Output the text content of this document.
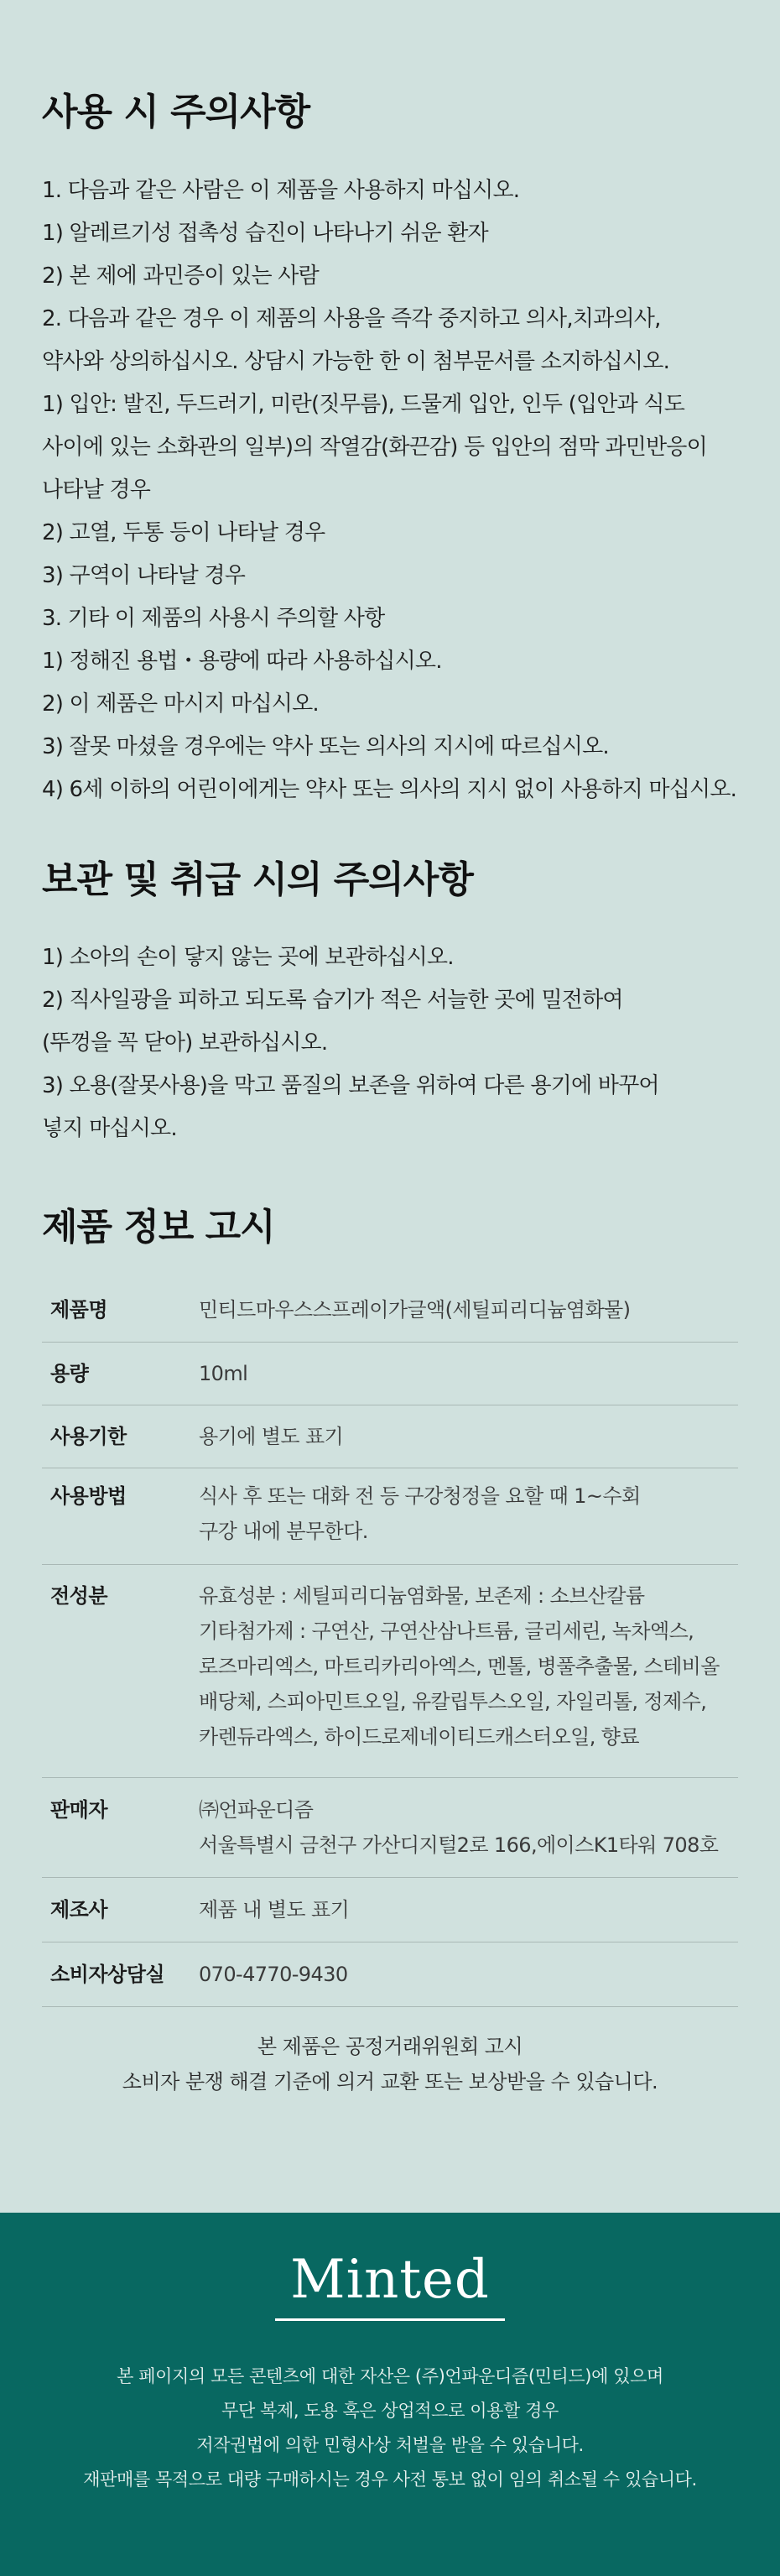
사용 시 주의사항
1. 다음과 같은 사람은 이 제품을 사용하지 마십시오.
1) 알레르기성 접촉성 습진이 나타나기 쉬운 환자
2) 본 제에 과민증이 있는 사람
2. 다음과 같은 경우 이 제품의 사용을 즉각 중지하고 의사,치과의사,
약사와 상의하십시오. 상담시 가능한 한 이 첨부문서를 소지하십시오.
1) 입안: 발진, 두드러기, 미란(짓무름), 드물게 입안, 인두 (입안과 식도
사이에 있는 소화관의 일부)의 작열감(화끈감) 등 입안의 점막 과민반응이
나타날 경우
2) 고열, 두통 등이 나타날 경우
3) 구역이 나타날 경우
3. 기타 이 제품의 사용시 주의할 사항
1) 정해진 용법・용량에 따라 사용하십시오.
2) 이 제품은 마시지 마십시오.
3) 잘못 마셨을 경우에는 약사 또는 의사의 지시에 따르십시오.
4) 6세 이하의 어린이에게는 약사 또는 의사의 지시 없이 사용하지 마십시오.
보관 및 취급 시의 주의사항
1) 소아의 손이 닿지 않는 곳에 보관하십시오.
2) 직사일광을 피하고 되도록 습기가 적은 서늘한 곳에 밀전하여
(뚜껑을 꼭 닫아) 보관하십시오.
3) 오용(잘못사용)을 막고 품질의 보존을 위하여 다른 용기에 바꾸어
넣지 마십시오.
제품 정보 고시
제품명	민티드마우스스프레이가글액(세틸피리디늄염화물)
용량	10ml
사용기한	용기에 별도 표기
사용방법	식사 후 또는 대화 전 등 구강청정을 요할 때 1~수회
구강 내에 분무한다.
전성분	유효성분 : 세틸피리디늄염화물, 보존제 : 소브산칼륨
기타첨가제 : 구연산, 구연산삼나트륨, 글리세린, 녹차엑스,
로즈마리엑스, 마트리카리아엑스, 멘톨, 병풀추출물, 스테비올
배당체, 스피아민트오일, 유칼립투스오일, 자일리톨, 정제수,
카렌듀라엑스, 하이드로제네이티드캐스터오일, 향료
판매자	㈜언파운디즘
서울특별시 금천구 가산디지털2로 166,에이스K1타워 708호
제조사	제품 내 별도 표기
소비자상담실	070-4770-9430
본 제품은 공정거래위원회 고시
소비자 분쟁 해결 기준에 의거 교환 또는 보상받을 수 있습니다.
Minted
본 페이지의 모든 콘텐츠에 대한 자산은 (주)언파운디즘(민티드)에 있으며
무단 복제, 도용 혹은 상업적으로 이용할 경우
저작권법에 의한 민형사상 처벌을 받을 수 있습니다.
재판매를 목적으로 대량 구매하시는 경우 사전 통보 없이 임의 취소될 수 있습니다.
